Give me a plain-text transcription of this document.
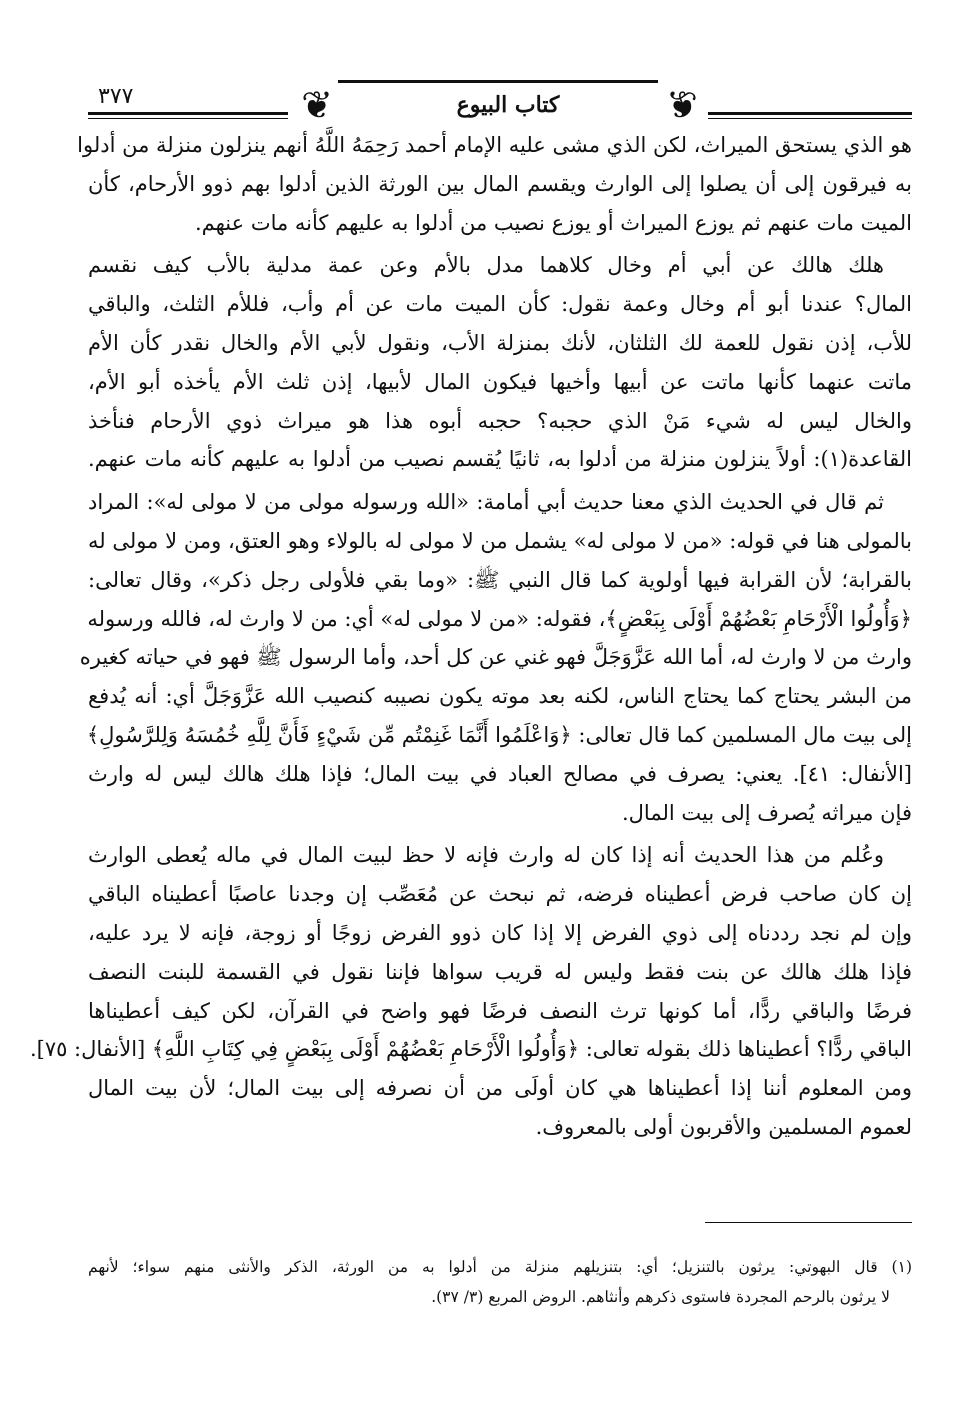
٣٧٧	❦	كتاب البيوع	❦
هو الذي يستحق الميراث، لكن الذي مشى عليه الإمام أحمد رَحِمَهُ اللَّهُ أنهم ينزلون منزلة من أدلوا
به فيرقون إلى أن يصلوا إلى الوارث ويقسم المال بين الورثة الذين أدلوا بهم ذوو الأرحام، كأن
الميت مات عنهم ثم يوزع الميراث أو يوزع نصيب من أدلوا به عليهم كأنه مات عنهم.
هلك هالك عن أبي أم وخال كلاهما مدل بالأم وعن عمة مدلية بالأب كيف نقسم
المال؟ عندنا أبو أم وخال وعمة نقول: كأن الميت مات عن أم وأب، فللأم الثلث، والباقي
للأب، إذن نقول للعمة لك الثلثان، لأنك بمنزلة الأب، ونقول لأبي الأم والخال نقدر كأن الأم
ماتت عنهما كأنها ماتت عن أبيها وأخيها فيكون المال لأبيها، إذن ثلث الأم يأخذه أبو الأم،
والخال ليس له شيء مَنْ الذي حجبه؟ حجبه أبوه هذا هو ميراث ذوي الأرحام فنأخذ
القاعدة(١): أولاً ينزلون منزلة من أدلوا به، ثانيًا يُقسم نصيب من أدلوا به عليهم كأنه مات عنهم.
ثم قال في الحديث الذي معنا حديث أبي أمامة: «الله ورسوله مولى من لا مولى له»: المراد
بالمولى هنا في قوله: «من لا مولى له» يشمل من لا مولى له بالولاء وهو العتق، ومن لا مولى له
بالقرابة؛ لأن القرابة فيها أولوية كما قال النبي ﷺ: «وما بقي فلأولى رجل ذكر»، وقال تعالى:
﴿وَأُولُوا الْأَرْحَامِ بَعْضُهُمْ أَوْلَى بِبَعْضٍ﴾، فقوله: «من لا مولى له» أي: من لا وارث له، فالله ورسوله
وارث من لا وارث له، أما الله عَزَّوَجَلَّ فهو غني عن كل أحد، وأما الرسول ﷺ فهو في حياته كغيره
من البشر يحتاج كما يحتاج الناس، لكنه بعد موته يكون نصيبه كنصيب الله عَزَّوَجَلَّ أي: أنه يُدفع
إلى بيت مال المسلمين كما قال تعالى: ﴿وَاعْلَمُوا أَنَّمَا غَنِمْتُم مِّن شَيْءٍ فَأَنَّ لِلَّهِ خُمُسَهُ وَلِلرَّسُولِ﴾
[الأنفال: ٤١]. يعني: يصرف في مصالح العباد في بيت المال؛ فإذا هلك هالك ليس له وارث
فإن ميراثه يُصرف إلى بيت المال.
وعُلم من هذا الحديث أنه إذا كان له وارث فإنه لا حظ لبيت المال في ماله يُعطى الوارث
إن كان صاحب فرض أعطيناه فرضه، ثم نبحث عن مُعَصِّب إن وجدنا عاصبًا أعطيناه الباقي
وإن لم نجد رددناه إلى ذوي الفرض إلا إذا كان ذوو الفرض زوجًا أو زوجة، فإنه لا يرد عليه،
فإذا هلك هالك عن بنت فقط وليس له قريب سواها فإننا نقول في القسمة للبنت النصف
فرضًا والباقي ردًّا، أما كونها ترث النصف فرضًا فهو واضح في القرآن، لكن كيف أعطيناها
الباقي ردًّا؟ أعطيناها ذلك بقوله تعالى: ﴿وَأُولُوا الْأَرْحَامِ بَعْضُهُمْ أَوْلَى بِبَعْضٍ فِي كِتَابِ اللَّهِ﴾ [الأنفال: ٧٥].
ومن المعلوم أننا إذا أعطيناها هي كان أولَى من أن نصرفه إلى بيت المال؛ لأن بيت المال
لعموم المسلمين والأقربون أولى بالمعروف.
(١) قال البهوتي: يرثون بالتنزيل؛ أي: بتنزيلهم منزلة من أدلوا به من الورثة، الذكر والأنثى منهم سواء؛ لأنهم
لا يرثون بالرحم المجردة فاستوى ذكرهم وأنثاهم. الروض المربع (٣/ ٣٧).
